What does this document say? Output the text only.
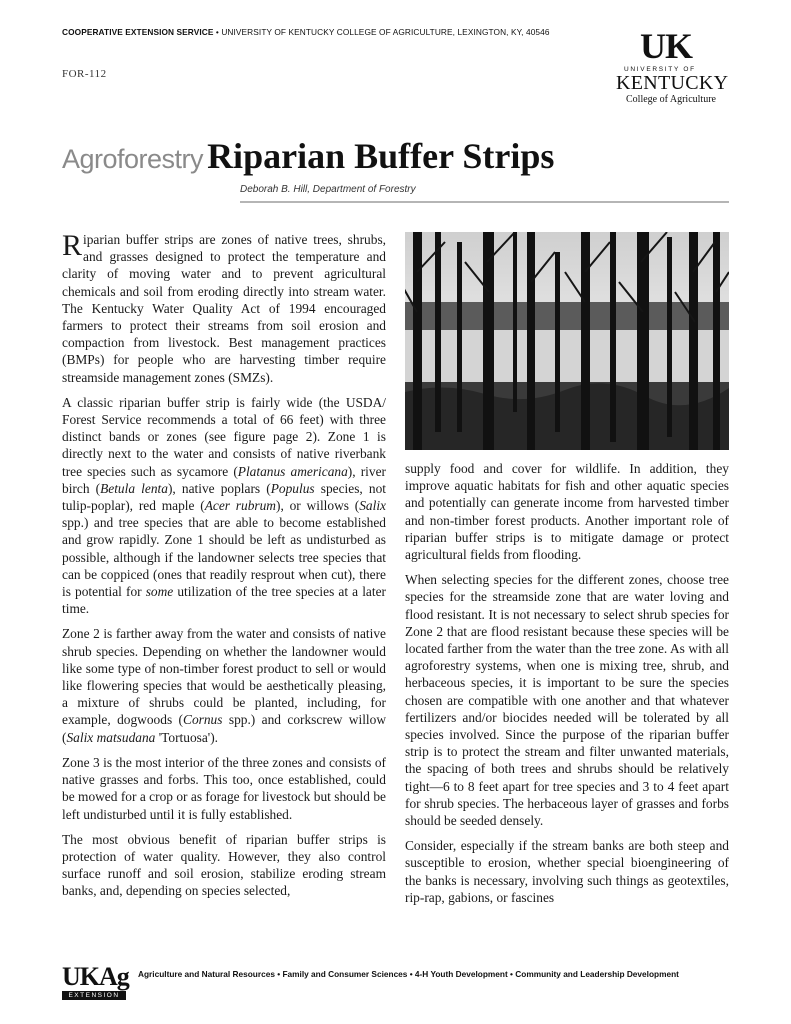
COOPERATIVE EXTENSION SERVICE • UNIVERSITY OF KENTUCKY COLLEGE OF AGRICULTURE, LEXINGTON, KY, 40546
FOR-112
UK
UNIVERSITY OF
KENTUCKY
College of Agriculture
Agroforestry Riparian Buffer Strips
Deborah B. Hill, Department of Forestry

Riparian buffer strips are zones of native trees, shrubs, and grasses designed to protect the temperature and clarity of moving water and to prevent agricultural chemicals and soil from eroding directly into stream water. The Kentucky Water Quality Act of 1994 encouraged farmers to protect their streams from soil erosion and compaction from livestock. Best management practices (BMPs) for people who are harvesting timber require streamside management zones (SMZs).

A classic riparian buffer strip is fairly wide (the USDA/ Forest Service recommends a total of 66 feet) with three distinct bands or zones (see figure page 2). Zone 1 is directly next to the water and consists of native riverbank tree species such as sycamore (Platanus americana), river birch (Betula lenta), native poplars (Populus species, not tulip-poplar), red maple (Acer rubrum), or willows (Salix spp.) and tree species that are able to become established and grow rapidly. Zone 1 should be left as undisturbed as possible, although if the landowner selects tree species that can be coppiced (ones that readily resprout when cut), there is potential for some utilization of the tree species at a later time.

Zone 2 is farther away from the water and consists of native shrub species. Depending on whether the landowner would like some type of non-timber forest product to sell or would like flowering species that would be aesthetically pleasing, a mixture of shrubs could be planted, including, for example, dogwoods (Cornus spp.) and corkscrew willow (Salix matsudana 'Tortuosa').

Zone 3 is the most interior of the three zones and consists of native grasses and forbs. This too, once established, could be mowed for a crop or as forage for livestock but should be left undisturbed until it is fully established.

The most obvious benefit of riparian buffer strips is protection of water quality. However, they also control surface runoff and soil erosion, stabilize eroding stream banks, and, depending on species selected,

supply food and cover for wildlife. In addition, they improve aquatic habitats for fish and other aquatic species and potentially can generate income from harvested timber and non-timber forest products. Another important role of riparian buffer strips is to mitigate damage or protect agricultural fields from flooding.

When selecting species for the different zones, choose tree species for the streamside zone that are water loving and flood resistant. It is not necessary to select shrub species for Zone 2 that are flood resistant because these species will be located farther from the water than the tree zone. As with all agroforestry systems, when one is mixing tree, shrub, and herbaceous species, it is important to be sure the species chosen are compatible with one another and that whatever fertilizers and/or biocides needed will be tolerated by all species involved. Since the purpose of the riparian buffer strip is to protect the stream and filter unwanted materials, the spacing of both trees and shrubs should be relatively tight—6 to 8 feet apart for tree species and 3 to 4 feet apart for shrub species. The herbaceous layer of grasses and forbs should be seeded densely.

Consider, especially if the stream banks are both steep and susceptible to erosion, whether special bioengineering of the banks is necessary, involving such things as geotextiles, rip-rap, gabions, or fascines

UKAg
EXTENSION
Agriculture and Natural Resources • Family and Consumer Sciences • 4-H Youth Development • Community and Leadership Development
